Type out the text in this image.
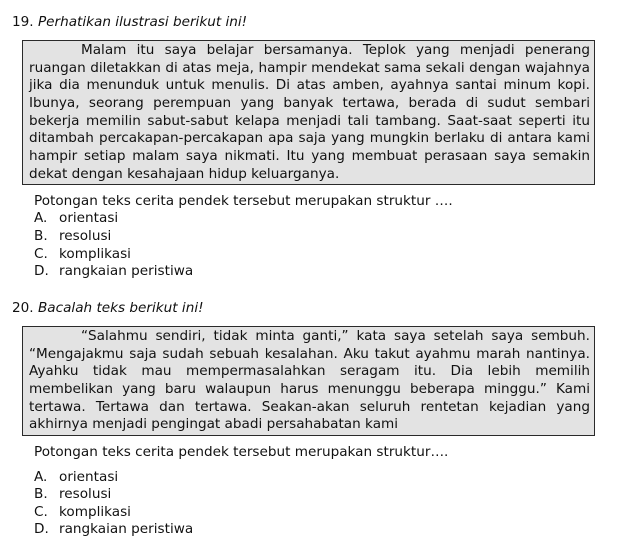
19. Perhatikan ilustrasi berikut ini!
Malam itu saya belajar bersamanya. Teplok yang menjadi penerang ruangan diletakkan di atas meja, hampir mendekat sama sekali dengan wajahnya jika dia menunduk untuk menulis. Di atas amben, ayahnya santai minum kopi. Ibunya, seorang perempuan yang banyak tertawa, berada di sudut sembari bekerja memilin sabut-sabut kelapa menjadi tali tambang. Saat-saat seperti itu ditambah percakapan-percakapan apa saja yang mungkin berlaku di antara kami hampir setiap malam saya nikmati. Itu yang membuat perasaan saya semakin dekat dengan kesahajaan hidup keluarganya.
Potongan teks cerita pendek tersebut merupakan struktur ….
A. orientasi
B. resolusi
C. komplikasi
D. rangkaian peristiwa
20. Bacalah teks berikut ini!
“Salahmu sendiri, tidak minta ganti,” kata saya setelah saya sembuh. “Mengajakmu saja sudah sebuah kesalahan. Aku takut ayahmu marah nantinya. Ayahku tidak mau mempermasalahkan seragam itu. Dia lebih memilih membelikan yang baru walaupun harus menunggu beberapa minggu.” Kami tertawa. Tertawa dan tertawa. Seakan-akan seluruh rentetan kejadian yang akhirnya menjadi pengingat abadi persahabatan kami
Potongan teks cerita pendek tersebut merupakan struktur….
A. orientasi
B. resolusi
C. komplikasi
D. rangkaian peristiwa
